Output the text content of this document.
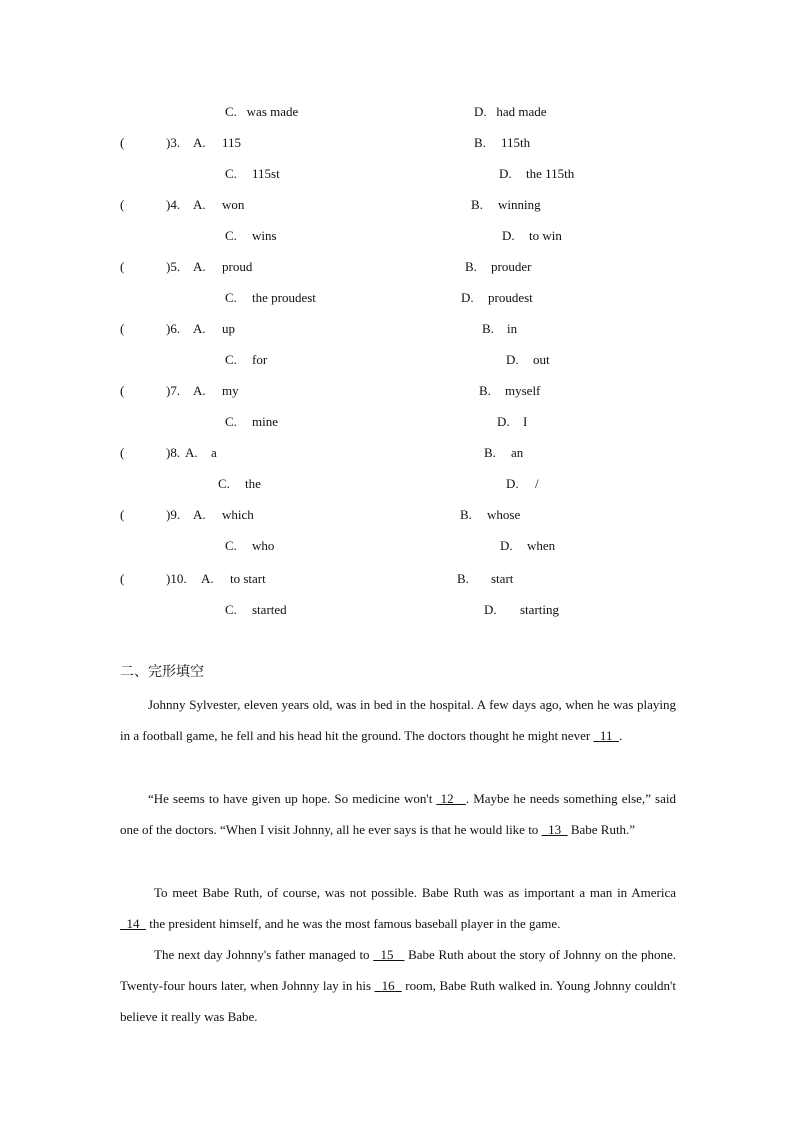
C. was made	D. had made
(	)3. A. 115	B. 115th
C. 115st	D. the 115th
(	)4. A. won	B. winning
C. wins	D. to win
(	)5. A. proud	B. prouder
C. the proudest	D. proudest
(	)6. A. up	B. in
C. for	D. out
(	)7. A. my	B. myself
C. mine	D. I
(	)8. A. a	B. an
C. the	D. /
(	)9. A. which	B. whose
C. who	D. when
(	)10. A. to start	B. start
C. started	D. starting
二、完形填空
Johnny Sylvester, eleven years old, was in bed in the hospital. A few days ago, when he was playing in a football game, he fell and his head hit the ground. The doctors thought he might never   11 .
“He seems to have given up hope. So medicine won't  12 . Maybe he needs something else,” said one of the doctors. “When I visit Johnny, all he ever says is that he would like to   13   Babe Ruth.”
To meet Babe Ruth, of course, was not possible. Babe Ruth was as important a man in America   14   the president himself, and he was the most famous baseball player in the game.
The next day Johnny's father managed to   15    Babe Ruth about the story of Johnny on the phone. Twenty-four hours later, when Johnny lay in his   16   room, Babe Ruth walked in. Young Johnny couldn't believe it really was Babe.
